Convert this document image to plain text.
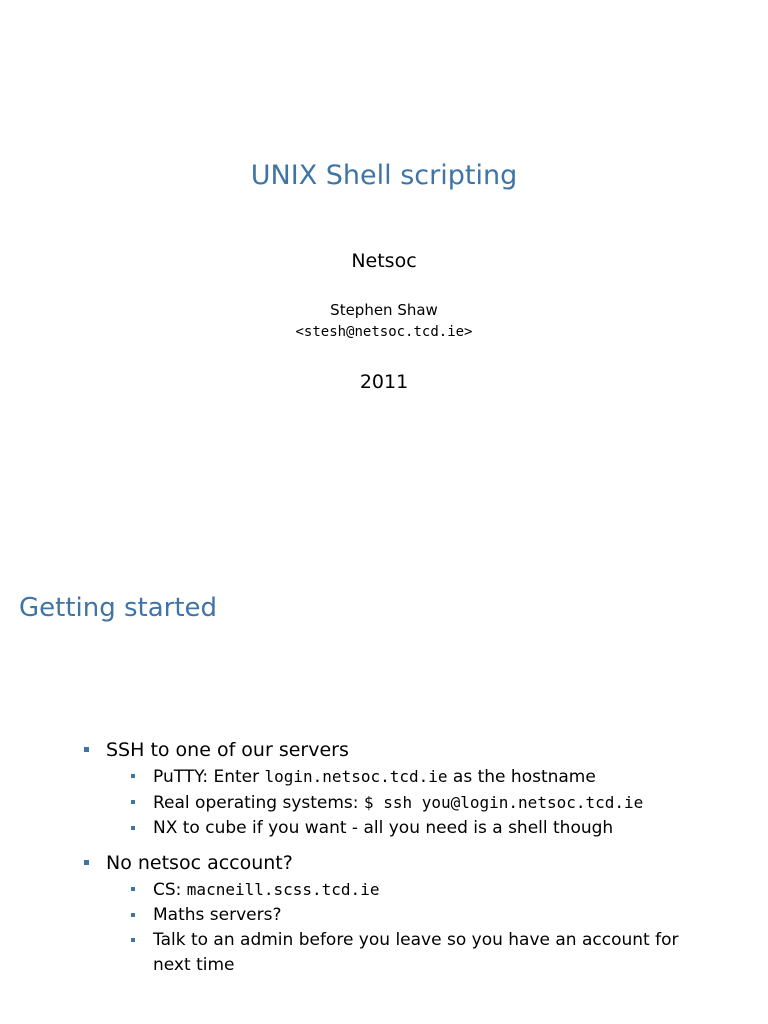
UNIX Shell scripting
Netsoc
Stephen Shaw
<stesh@netsoc.tcd.ie>
2011
Getting started
SSH to one of our servers
PuTTY: Enter login.netsoc.tcd.ie as the hostname
Real operating systems: $ ssh you@login.netsoc.tcd.ie
NX to cube if you want - all you need is a shell though
No netsoc account?
CS: macneill.scss.tcd.ie
Maths servers?
Talk to an admin before you leave so you have an account for next time
